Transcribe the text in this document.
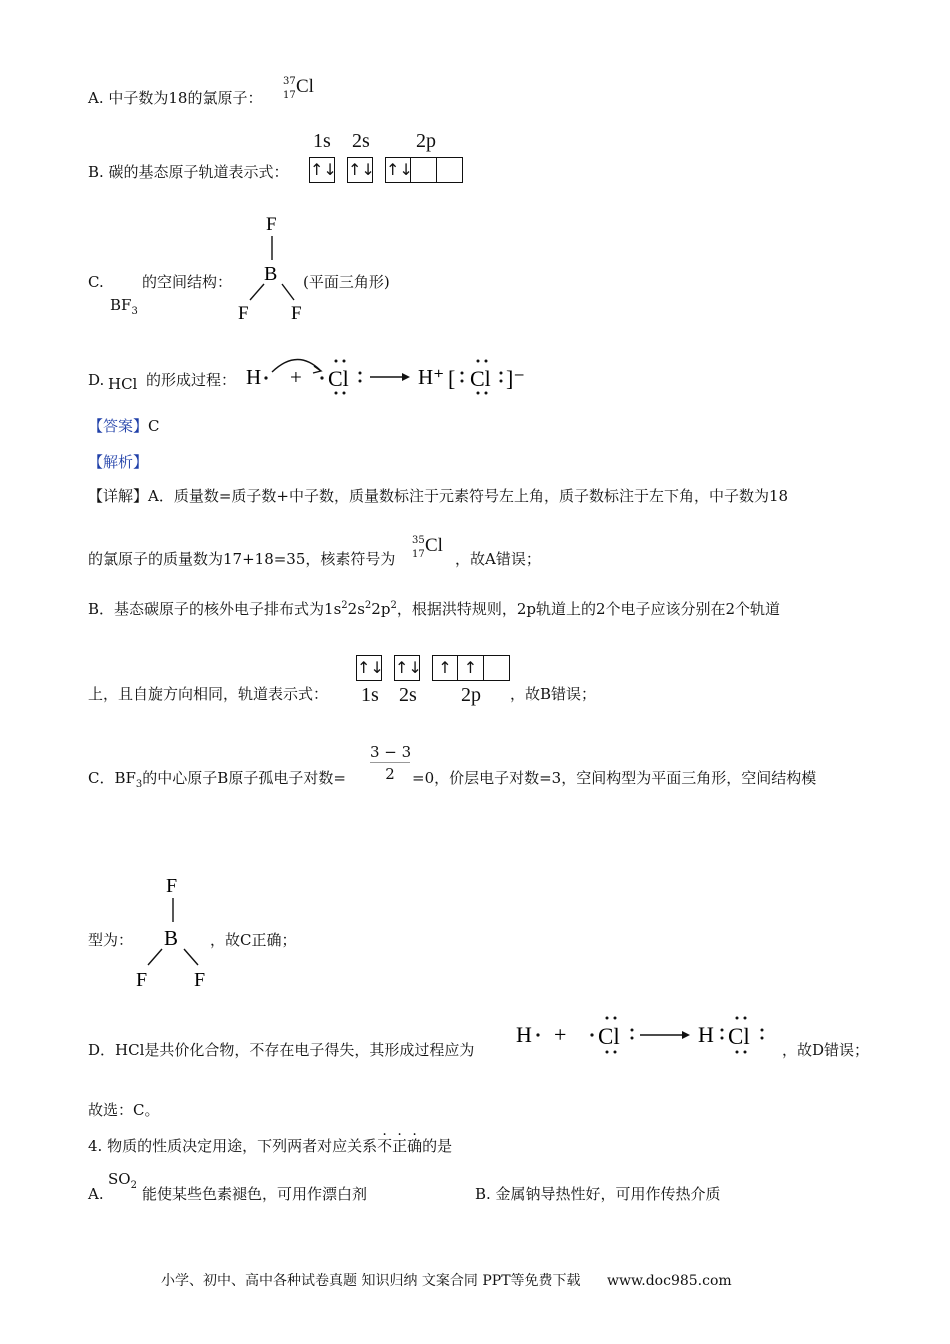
A. 中子数为18的氯原子：
37
17 Cl
B. 碳的基态原子轨道表示式：
1s 2s 2p
↑↓ ↑↓ ↑↓
C.	的空间结构：
$BF_3$
F
B
F F
(平面三角形)
D. HCl 的形成过程： H + Cl	H⁺ [ Cl ]⁻
【答案】C
【解析】
【详解】A．质量数=质子数+中子数，质量数标注于元素符号左上角，质子数标注于左下角，中子数为18
的氯原子的质量数为17+18=35，核素符号为
35
17 Cl
，故A错误；
B．基态碳原子的核外电子排布式为$1s^22s^22p^2$，根据洪特规则，2p轨道上的2个电子应该分别在2个轨道
上，且自旋方向相同，轨道表示式：
↑↓ ↑↓	↑ ↑
1s 2s 2p ，故B错误；
C．$BF_3$的中心原子B原子孤电子对数= $\frac{3 - 3}{2} =0$，价层电子对数=3，空间构型为平面三角形，空间结构模
型为：
F
B
F F
，故C正确；
D．HCl是共价化合物，不存在电子得失，其形成过程应为
H + Cl	H Cl
，故D错误；
故选：C。
4. 物质的性质决定用途，下列两者对应关系不正确的是
A.
$SO_2$ 能使某些色素褪色，可用作漂白剂	B. 金属钠导热性好，可用作传热介质
小学、初中、高中各种试卷真题 知识归纳 文案合同 PPT等免费下载 www.doc985.com
